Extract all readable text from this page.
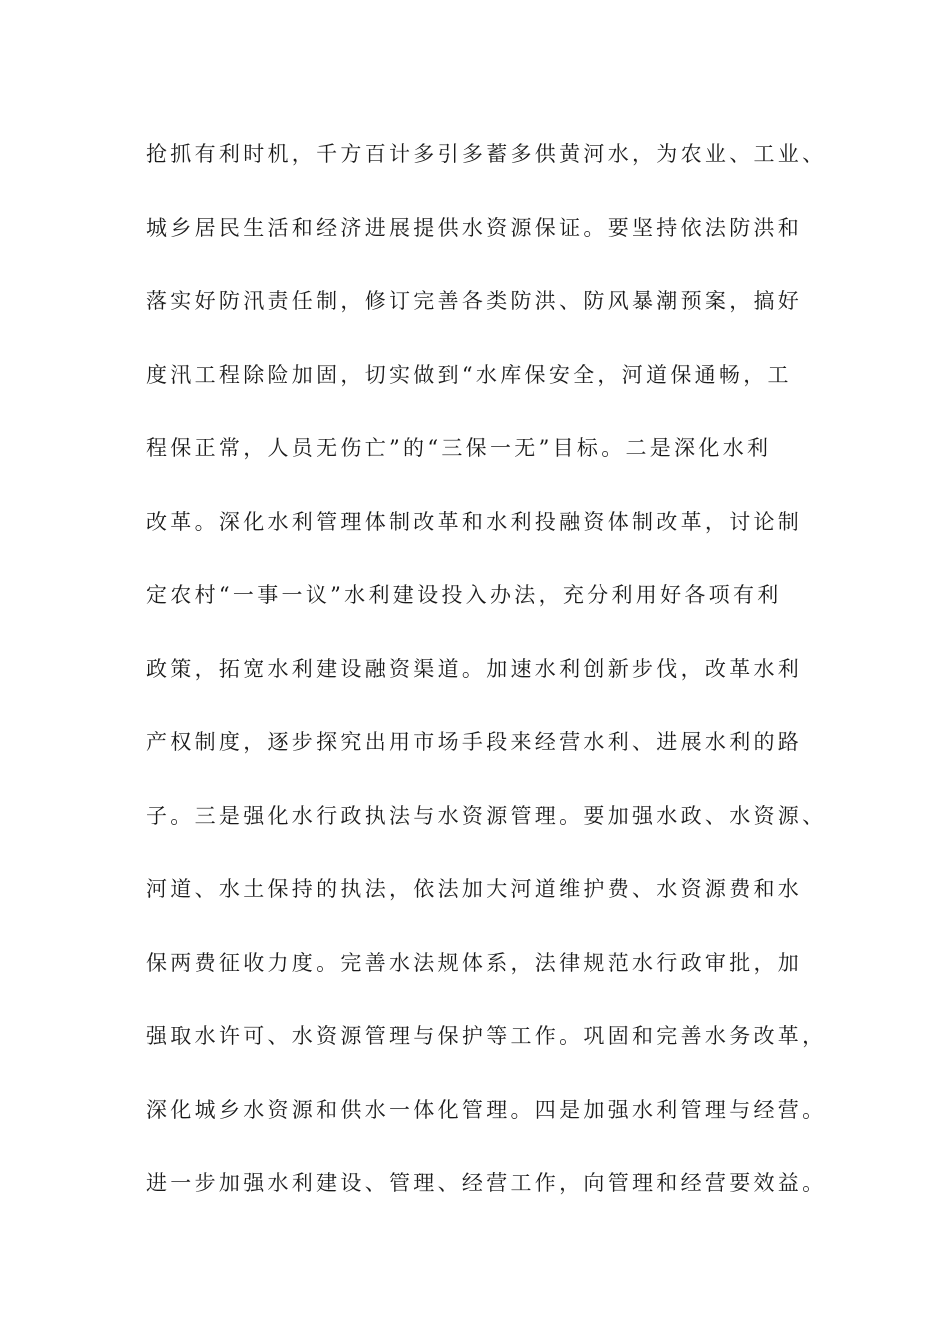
抢抓有利时机，千方百计多引多蓄多供黄河水，为农业、工业、
城乡居民生活和经济进展提供水资源保证。要坚持依法防洪和
落实好防汛责任制，修订完善各类防洪、防风暴潮预案，搞好
度汛工程除险加固，切实做到“水库保安全，河道保通畅，工
程保正常，人员无伤亡”的“三保一无”目标。二是深化水利
改革。深化水利管理体制改革和水利投融资体制改革，讨论制
定农村“一事一议”水利建设投入办法，充分利用好各项有利
政策，拓宽水利建设融资渠道。加速水利创新步伐，改革水利
产权制度，逐步探究出用市场手段来经营水利、进展水利的路
子。三是强化水行政执法与水资源管理。要加强水政、水资源、
河道、水土保持的执法，依法加大河道维护费、水资源费和水
保两费征收力度。完善水法规体系，法律规范水行政审批，加
强取水许可、水资源管理与保护等工作。巩固和完善水务改革，
深化城乡水资源和供水一体化管理。四是加强水利管理与经营。
进一步加强水利建设、管理、经营工作，向管理和经营要效益。
